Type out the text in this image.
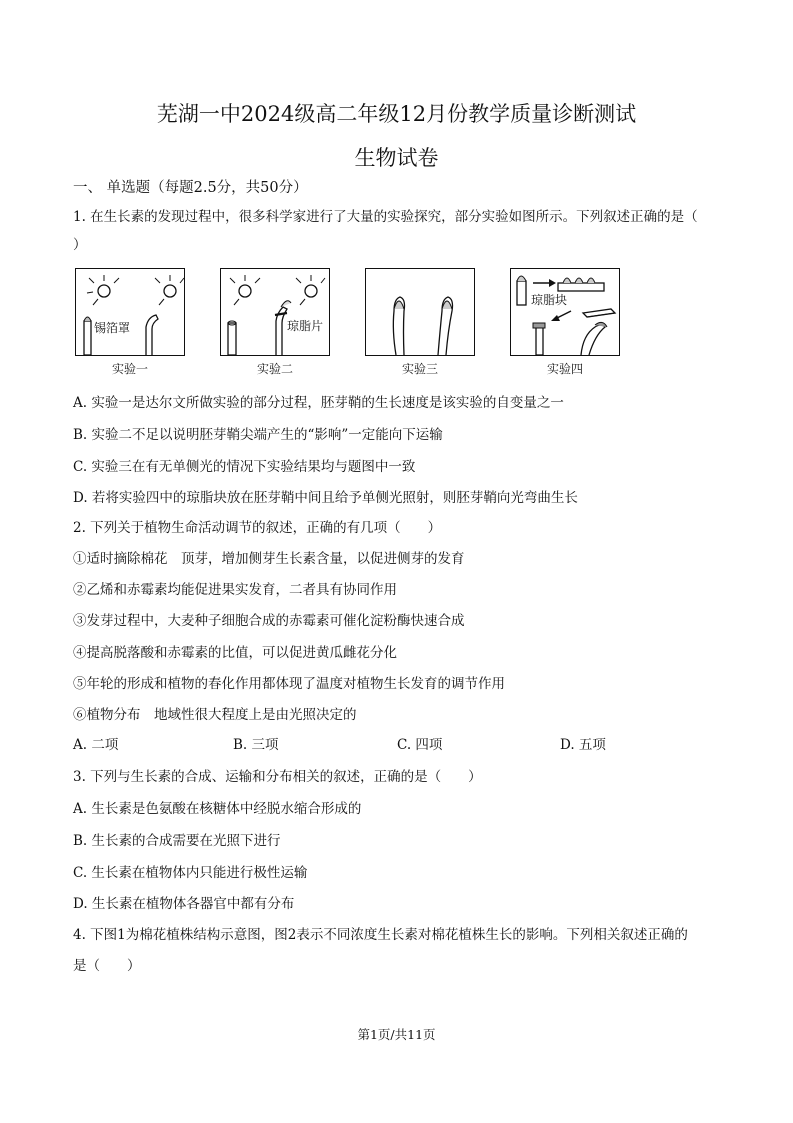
芜湖一中2024级高二年级12月份教学质量诊断测试
生物试卷
一、 单选题（每题2.5分，共50分）
1. 在生长素的发现过程中，很多科学家进行了大量的实验探究，部分实验如图所示。下列叙述正确的是（
）
锡箔罩
实验一
琼脂片
实验二	实验三
琼脂块
实验四
A. 实验一是达尔文所做实验的部分过程，胚芽鞘的生长速度是该实验的自变量之一
B. 实验二不足以说明胚芽鞘尖端产生的“影响”一定能向下运输
C. 实验三在有无单侧光的情况下实验结果均与题图中一致
D. 若将实验四中的琼脂块放在胚芽鞘中间且给予单侧光照射，则胚芽鞘向光弯曲生长
2. 下列关于植物生命活动调节的叙述，正确的有几项（　　）
①适时摘除棉花　顶芽，增加侧芽生长素含量，以促进侧芽的发育
②乙烯和赤霉素均能促进果实发育，二者具有协同作用
③发芽过程中，大麦种子细胞合成的赤霉素可催化淀粉酶快速合成
④提高脱落酸和赤霉素的比值，可以促进黄瓜雌花分化
⑤年轮的形成和植物的春化作用都体现了温度对植物生长发育的调节作用
⑥植物分布　地域性很大程度上是由光照决定的
A. 二项	B. 三项	C. 四项	D. 五项
3. 下列与生长素的合成、运输和分布相关的叙述，正确的是（　　）
A. 生长素是色氨酸在核糖体中经脱水缩合形成的
B. 生长素的合成需要在光照下进行
C. 生长素在植物体内只能进行极性运输
D. 生长素在植物体各器官中都有分布
4. 下图1为棉花植株结构示意图，图2表示不同浓度生长素对棉花植株生长的影响。下列相关叙述正确的
是（　　）
第1页/共11页
